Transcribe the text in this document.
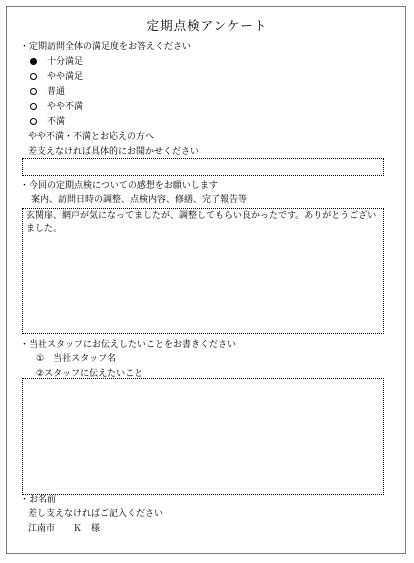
定期点検アンケート
・定期訪問全体の満足度をお答えください
十分満足
やや満足
普通
やや不満
不満
やや不満・不満とお応えの方へ
差支えなければ具体的にお聞かせください
・今回の定期点検についての感想をお願いします
案内、訪問日時の調整、点検内容、修繕、完了報告等
玄関扉、網戸が気になってましたが、調整してもらい良かったです。ありがとうございました。
・当社スタッフにお伝えしたいことをお書きください
①　当社スタッフ名
②スタッフに伝えたいこと
・お名前
差し支えなければご記入ください
江南市　　Ｋ　様
